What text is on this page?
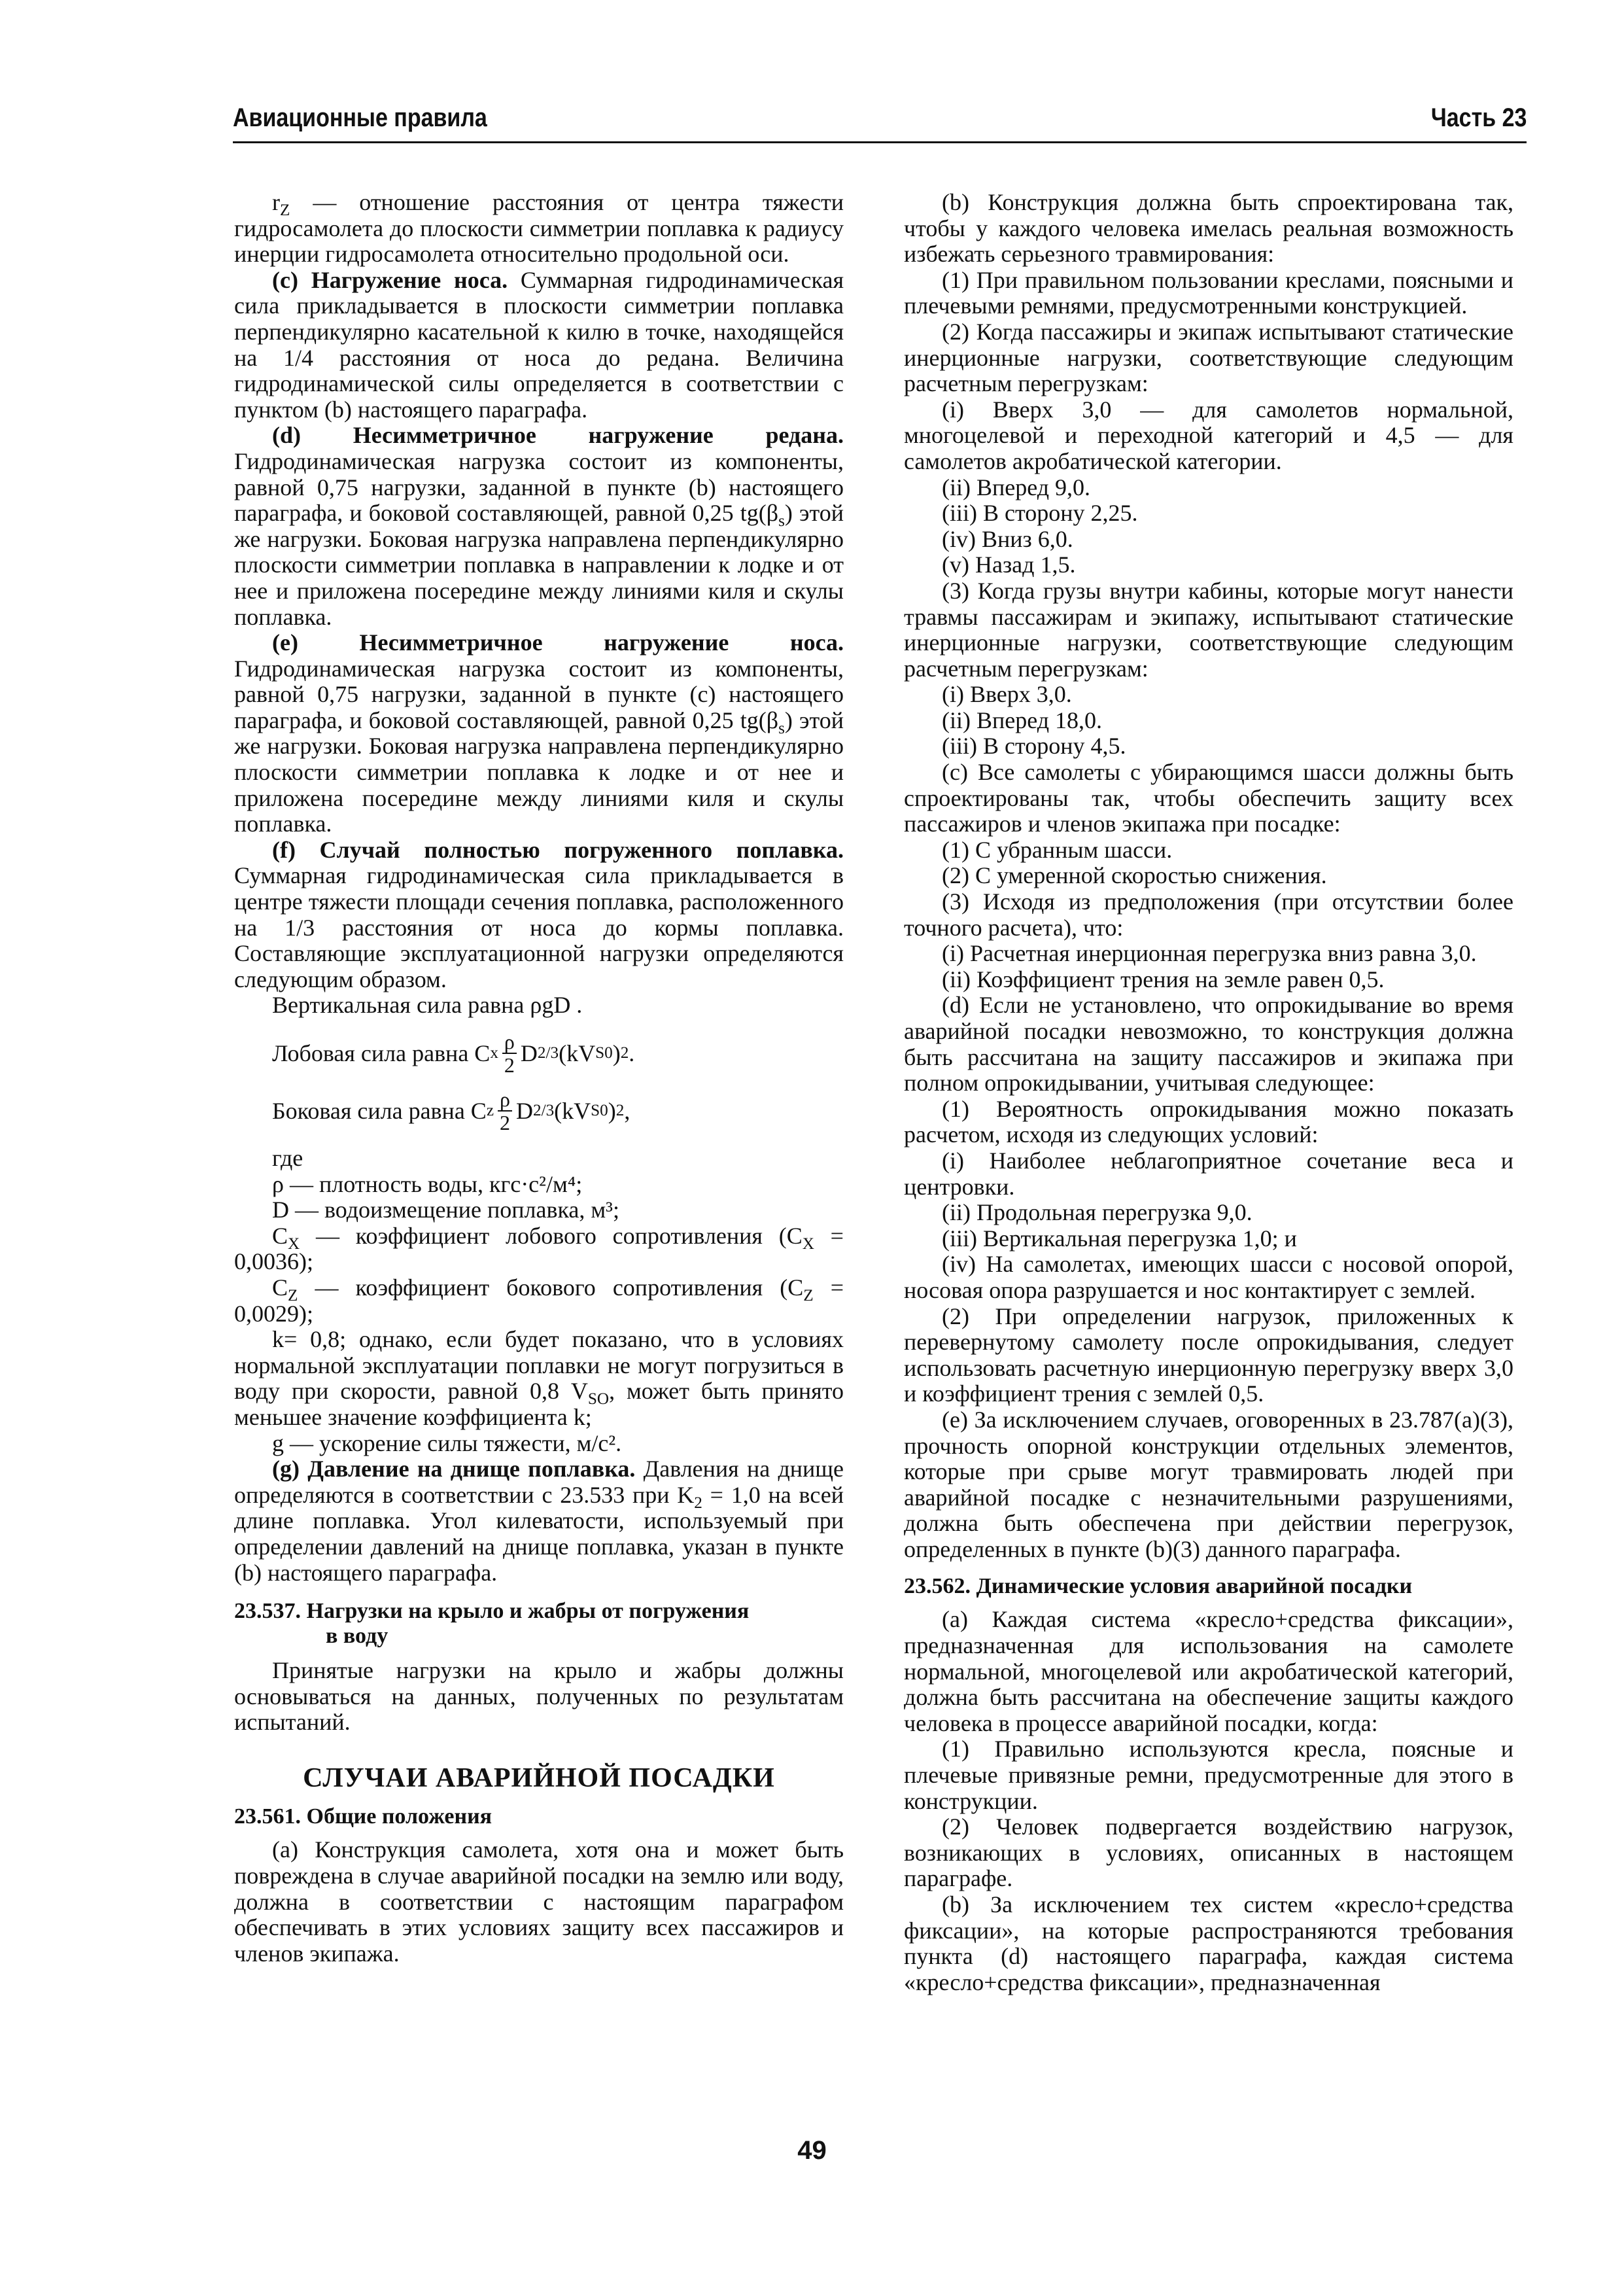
Авиационные правила	Часть 23

$r_Z$ — отношение расстояния от центра тяжести гидросамолета до плоскости симметрии поплавка к радиусу инерции гидросамолета относительно продольной оси.

(c) Нагружение носа. Суммарная гидродинамическая сила прикладывается в плоскости симметрии поплавка перпендикулярно касательной к килю в точке, находящейся на 1/4 расстояния от носа до редана. Величина гидродинамической силы определяется в соответствии с пунктом (b) настоящего параграфа.

(d) Несимметричное нагружение редана. Гидродинамическая нагрузка состоит из компоненты, равной 0,75 нагрузки, заданной в пункте (b) настоящего параграфа, и боковой составляющей, равной 0,25 $tg(\beta_s)$ этой же нагрузки. Боковая нагрузка направлена перпендикулярно плоскости симметрии поплавка в направлении к лодке и от нее и приложена посередине между линиями киля и скулы поплавка.

(e) Несимметричное нагружение носа. Гидродинамическая нагрузка состоит из компоненты, равной 0,75 нагрузки, заданной в пункте (c) настоящего параграфа, и боковой составляющей, равной 0,25 $tg(\beta_s)$ этой же нагрузки. Боковая нагрузка направлена перпендикулярно плоскости симметрии поплавка к лодке и от нее и приложена посередине между линиями киля и скулы поплавка.

(f) Случай полностью погруженного поплавка. Суммарная гидродинамическая сила прикладывается в центре тяжести площади сечения поплавка, расположенного на 1/3 расстояния от носа до кормы поплавка. Составляющие эксплуатационной нагрузки определяются следующим образом.

Вертикальная сила равна ρgD .

Лобовая сила равна C x $\frac{\rho}{2}$ D 2/3 (kV S0 ) 2 .
Боковая сила равна C z $\frac{\rho}{2}$ D 2/3 (kV S0 ) 2 ,

где

ρ — плотность воды, кгс·с²/м⁴;

D — водоизмещение поплавка, м³;

$C_X$ — коэффициент лобового сопротивления $(C_X = 0,0036)$;

$C_Z$ — коэффициент бокового сопротивления $(C_Z = 0,0029)$;

k= 0,8; однако, если будет показано, что в условиях нормальной эксплуатации поплавки не могут погрузиться в воду при скорости, равной 0,8 $V_{SO}$, может быть принято меньшее значение коэффициента k;

g — ускорение силы тяжести, м/с².

(g) Давление на днище поплавка. Давления на днище определяются в соответствии с 23.533 при $K_2 = 1,0$ на всей длине поплавка. Угол килеватости, используемый при определении давлений на днище поплавка, указан в пункте (b) настоящего параграфа.

23.537. Нагрузки на крыло и жабры от погружения
в воду

Принятые нагрузки на крыло и жабры должны основываться на данных, полученных по результатам испытаний.

СЛУЧАИ АВАРИЙНОЙ ПОСАДКИ
23.561. Общие положения

(a) Конструкция самолета, хотя она и может быть повреждена в случае аварийной посадки на землю или воду, должна в соответствии с настоящим параграфом обеспечивать в этих условиях защиту всех пассажиров и членов экипажа.

(b) Конструкция должна быть спроектирована так, чтобы у каждого человека имелась реальная возможность избежать серьезного травмирования:

(1) При правильном пользовании креслами, поясными и плечевыми ремнями, предусмотренными конструкцией.

(2) Когда пассажиры и экипаж испытывают статические инерционные нагрузки, соответствующие следующим расчетным перегрузкам:

(i) Вверх 3,0 — для самолетов нормальной, многоцелевой и переходной категорий и 4,5 — для самолетов акробатической категории.

(ii) Вперед 9,0.

(iii) В сторону 2,25.

(iv) Вниз 6,0.

(v) Назад 1,5.

(3) Когда грузы внутри кабины, которые могут нанести травмы пассажирам и экипажу, испытывают статические инерционные нагрузки, соответствующие следующим расчетным перегрузкам:

(i) Вверх 3,0.

(ii) Вперед 18,0.

(iii) В сторону 4,5.

(c) Все самолеты с убирающимся шасси должны быть спроектированы так, чтобы обеспечить защиту всех пассажиров и членов экипажа при посадке:

(1) С убранным шасси.

(2) С умеренной скоростью снижения.

(3) Исходя из предположения (при отсутствии более точного расчета), что:

(i) Расчетная инерционная перегрузка вниз равна 3,0.

(ii) Коэффициент трения на земле равен 0,5.

(d) Если не установлено, что опрокидывание во время аварийной посадки невозможно, то конструкция должна быть рассчитана на защиту пассажиров и экипажа при полном опрокидывании, учитывая следующее:

(1) Вероятность опрокидывания можно показать расчетом, исходя из следующих условий:

(i) Наиболее неблагоприятное сочетание веса и центровки.

(ii) Продольная перегрузка 9,0.

(iii) Вертикальная перегрузка 1,0; и

(iv) На самолетах, имеющих шасси с носовой опорой, носовая опора разрушается и нос контактирует с землей.

(2) При определении нагрузок, приложенных к перевернутому самолету после опрокидывания, следует использовать расчетную инерционную перегрузку вверх 3,0 и коэффициент трения с землей 0,5.

(e) За исключением случаев, оговоренных в 23.787(a)(3), прочность опорной конструкции отдельных элементов, которые при срыве могут травмировать людей при аварийной посадке с незначительными разрушениями, должна быть обеспечена при действии перегрузок, определенных в пункте (b)(3) данного параграфа.

23.562. Динамические условия аварийной посадки

(a) Каждая система «кресло+средства фиксации», предназначенная для использования на самолете нормальной, многоцелевой или акробатической категорий, должна быть рассчитана на обеспечение защиты каждого человека в процессе аварийной посадки, когда:

(1) Правильно используются кресла, поясные и плечевые привязные ремни, предусмотренные для этого в конструкции.

(2) Человек подвергается воздействию нагрузок, возникающих в условиях, описанных в настоящем параграфе.

(b) За исключением тех систем «кресло+средства фиксации», на которые распространяются требования пункта (d) настоящего параграфа, каждая система «кресло+средства фиксации», предназначенная

49
